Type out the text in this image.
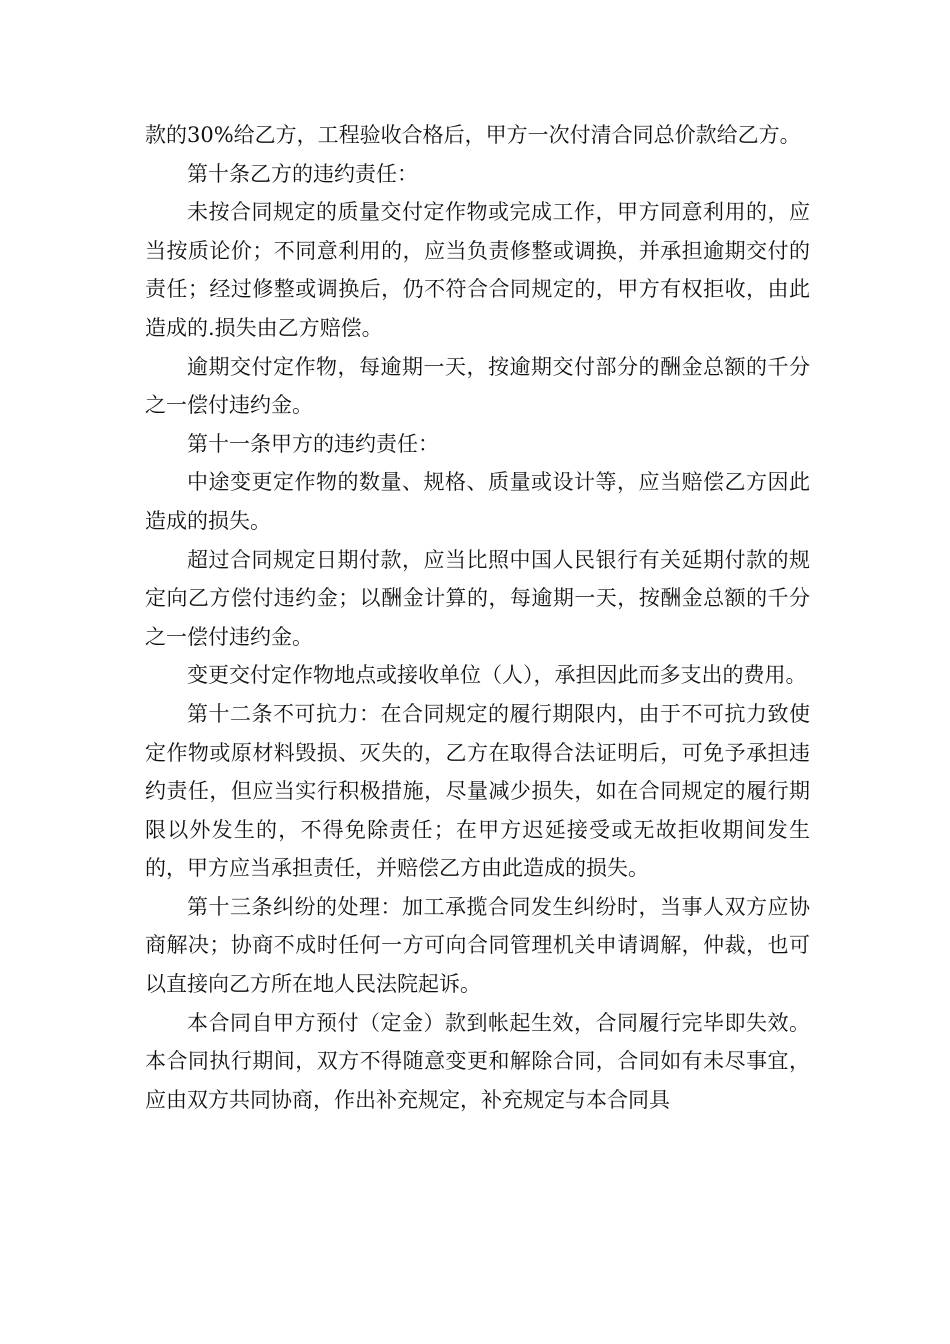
款的30%给乙方，工程验收合格后，甲方一次付清合同总价款给乙方。

第十条乙方的违约责任：

未按合同规定的质量交付定作物或完成工作，甲方同意利用的，应当按质论价；不同意利用的，应当负责修整或调换，并承担逾期交付的责任；经过修整或调换后，仍不符合合同规定的，甲方有权拒收，由此造成的.损失由乙方赔偿。

逾期交付定作物，每逾期一天，按逾期交付部分的酬金总额的千分之一偿付违约金。

第十一条甲方的违约责任：

中途变更定作物的数量、规格、质量或设计等，应当赔偿乙方因此造成的损失。

超过合同规定日期付款，应当比照中国人民银行有关延期付款的规定向乙方偿付违约金；以酬金计算的，每逾期一天，按酬金总额的千分之一偿付违约金。

变更交付定作物地点或接收单位（人），承担因此而多支出的费用。

第十二条不可抗力：在合同规定的履行期限内，由于不可抗力致使定作物或原材料毁损、灭失的，乙方在取得合法证明后，可免予承担违约责任，但应当实行积极措施，尽量减少损失，如在合同规定的履行期限以外发生的，不得免除责任；在甲方迟延接受或无故拒收期间发生的，甲方应当承担责任，并赔偿乙方由此造成的损失。

第十三条纠纷的处理：加工承揽合同发生纠纷时，当事人双方应协商解决；协商不成时任何一方可向合同管理机关申请调解，仲裁，也可以直接向乙方所在地人民法院起诉。

本合同自甲方预付（定金）款到帐起生效，合同履行完毕即失效。本合同执行期间，双方不得随意变更和解除合同，合同如有未尽事宜，应由双方共同协商，作出补充规定，补充规定与本合同具
